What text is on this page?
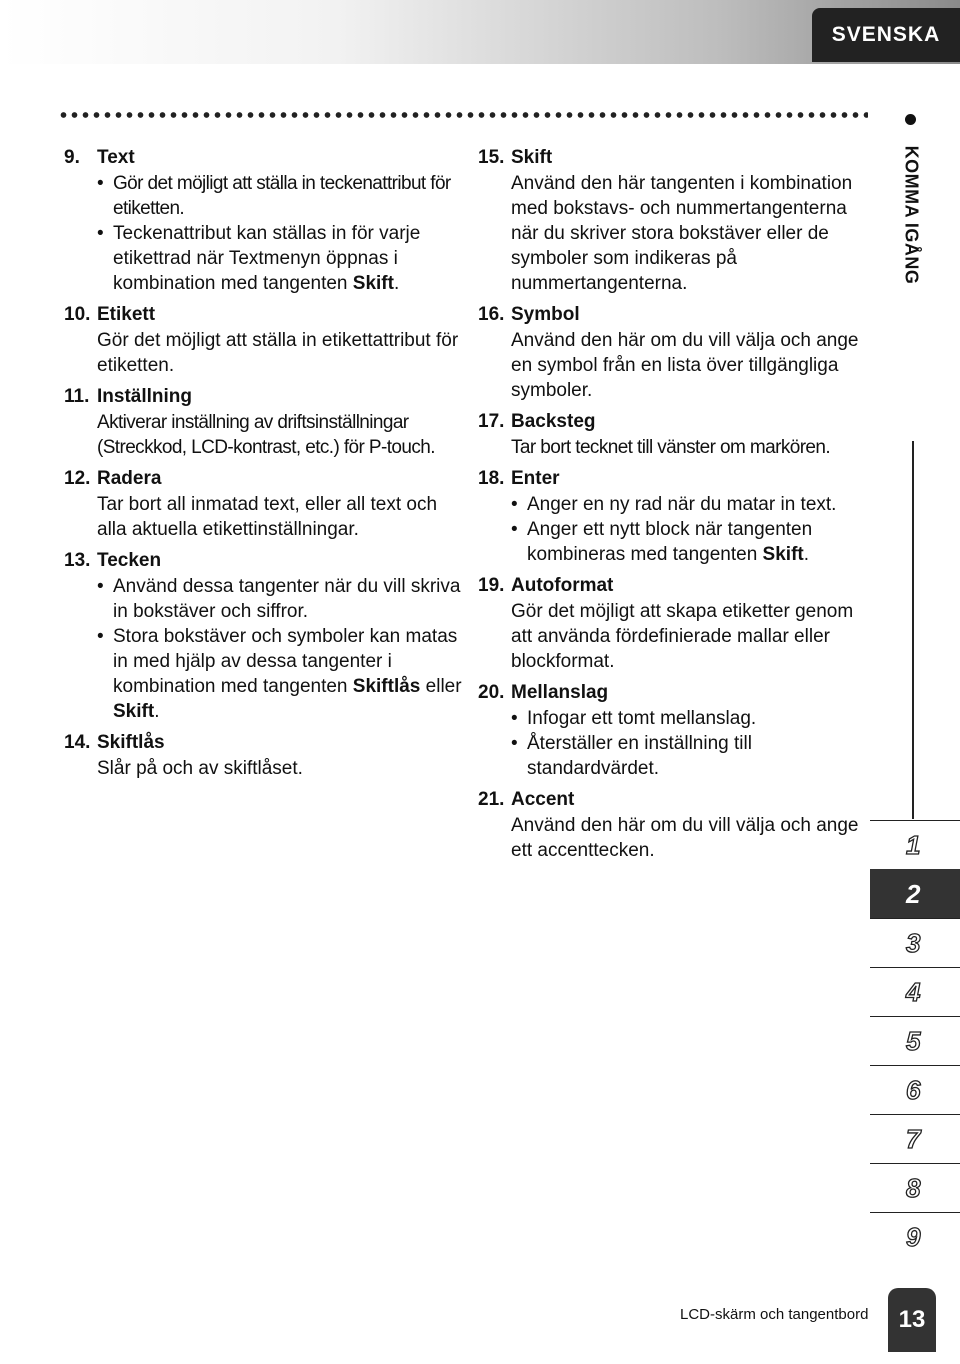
SVENSKA
9. Text
• Gör det möjligt att ställa in teckenattribut för etiketten.
• Teckenattribut kan ställas in för varje etikettrad när Textmenyn öppnas i kombination med tangenten Skift.
10. Etikett
Gör det möjligt att ställa in etikettattribut för etiketten.
11. Inställning
Aktiverar inställning av driftsinställningar (Streckkod, LCD-kontrast, etc.) för P-touch.
12. Radera
Tar bort all inmatad text, eller all text och alla aktuella etikettinställningar.
13. Tecken
• Använd dessa tangenter när du vill skriva in bokstäver och siffror.
• Stora bokstäver och symboler kan matas in med hjälp av dessa tangenter i kombination med tangenten Skiftlås eller Skift.
14. Skiftlås
Slår på och av skiftlåset.
15. Skift
Använd den här tangenten i kombination med bokstavs- och nummertangenterna när du skriver stora bokstäver eller de symboler som indikeras på nummertangenterna.
16. Symbol
Använd den här om du vill välja och ange en symbol från en lista över tillgängliga symboler.
17. Backsteg
Tar bort tecknet till vänster om markören.
18. Enter
• Anger en ny rad när du matar in text.
• Anger ett nytt block när tangenten kombineras med tangenten Skift.
19. Autoformat
Gör det möjligt att skapa etiketter genom att använda fördefinierade mallar eller blockformat.
20. Mellanslag
• Infogar ett tomt mellanslag.
• Återställer en inställning till standardvärdet.
21. Accent
Använd den här om du vill välja och ange ett accenttecken.
KOMMA IGÅNG
1
2
3
4
5
6
7
8
9
LCD-skärm och tangentbord	13
